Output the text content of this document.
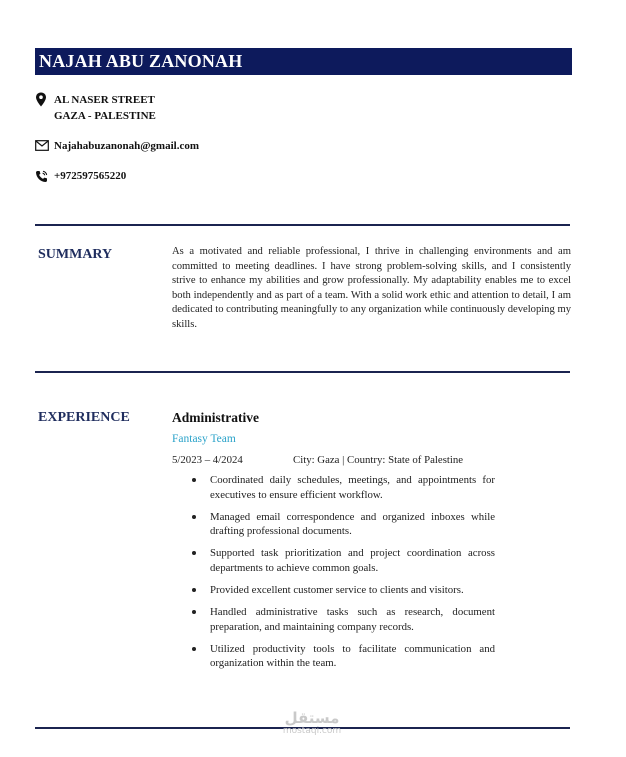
NAJAH ABU ZANONAH
AL NASER STREET
GAZA - PALESTINE
Najahabuzanonah@gmail.com
+972597565220
SUMMARY	As a motivated and reliable professional, I thrive in challenging environments and am committed to meeting deadlines. I have strong problem-solving skills, and I consistently strive to enhance my abilities and grow professionally. My adaptability enables me to excel both independently and as part of a team. With a solid work ethic and attention to detail, I am dedicated to contributing meaningfully to any organization while continuously developing my skills.
EXPERIENCE	Administrative
Fantasy Team
5/2023 – 4/2024	City: Gaza | Country: State of Palestine
Coordinated daily schedules, meetings, and appointments for executives to ensure efficient workflow.
Managed email correspondence and organized inboxes while drafting professional documents.
Supported task prioritization and project coordination across departments to achieve common goals.
Provided excellent customer service to clients and visitors.
Handled administrative tasks such as research, document preparation, and maintaining company records.
Utilized productivity tools to facilitate communication and organization within the team.
مستقل
mostaqi.com
